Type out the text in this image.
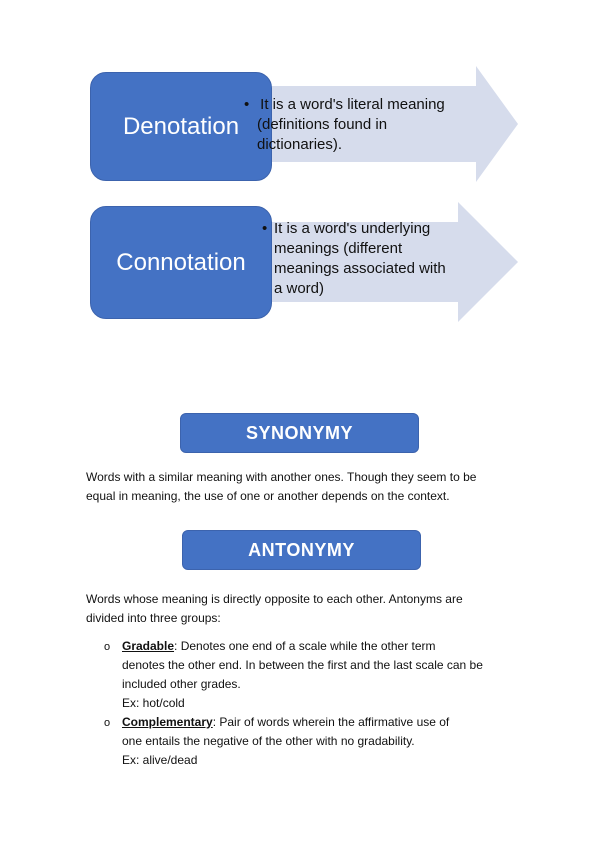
Denotation
• It is a word's literal meaning
(definitions found in
dictionaries).
Connotation
• It is a word's underlying
meanings (different
meanings associated with
a word)
SYNONYMY
Words with a similar meaning with another ones. Though they seem to be
equal in meaning, the use of one or another depends on the context.
ANTONYMY
Words whose meaning is directly opposite to each other. Antonyms are
divided into three groups:
o Gradable: Denotes one end of a scale while the other term
denotes the other end. In between the first and the last scale can be
included other grades.
Ex: hot/cold
o Complementary: Pair of words wherein the affirmative use of
one entails the negative of the other with no gradability.
Ex: alive/dead
